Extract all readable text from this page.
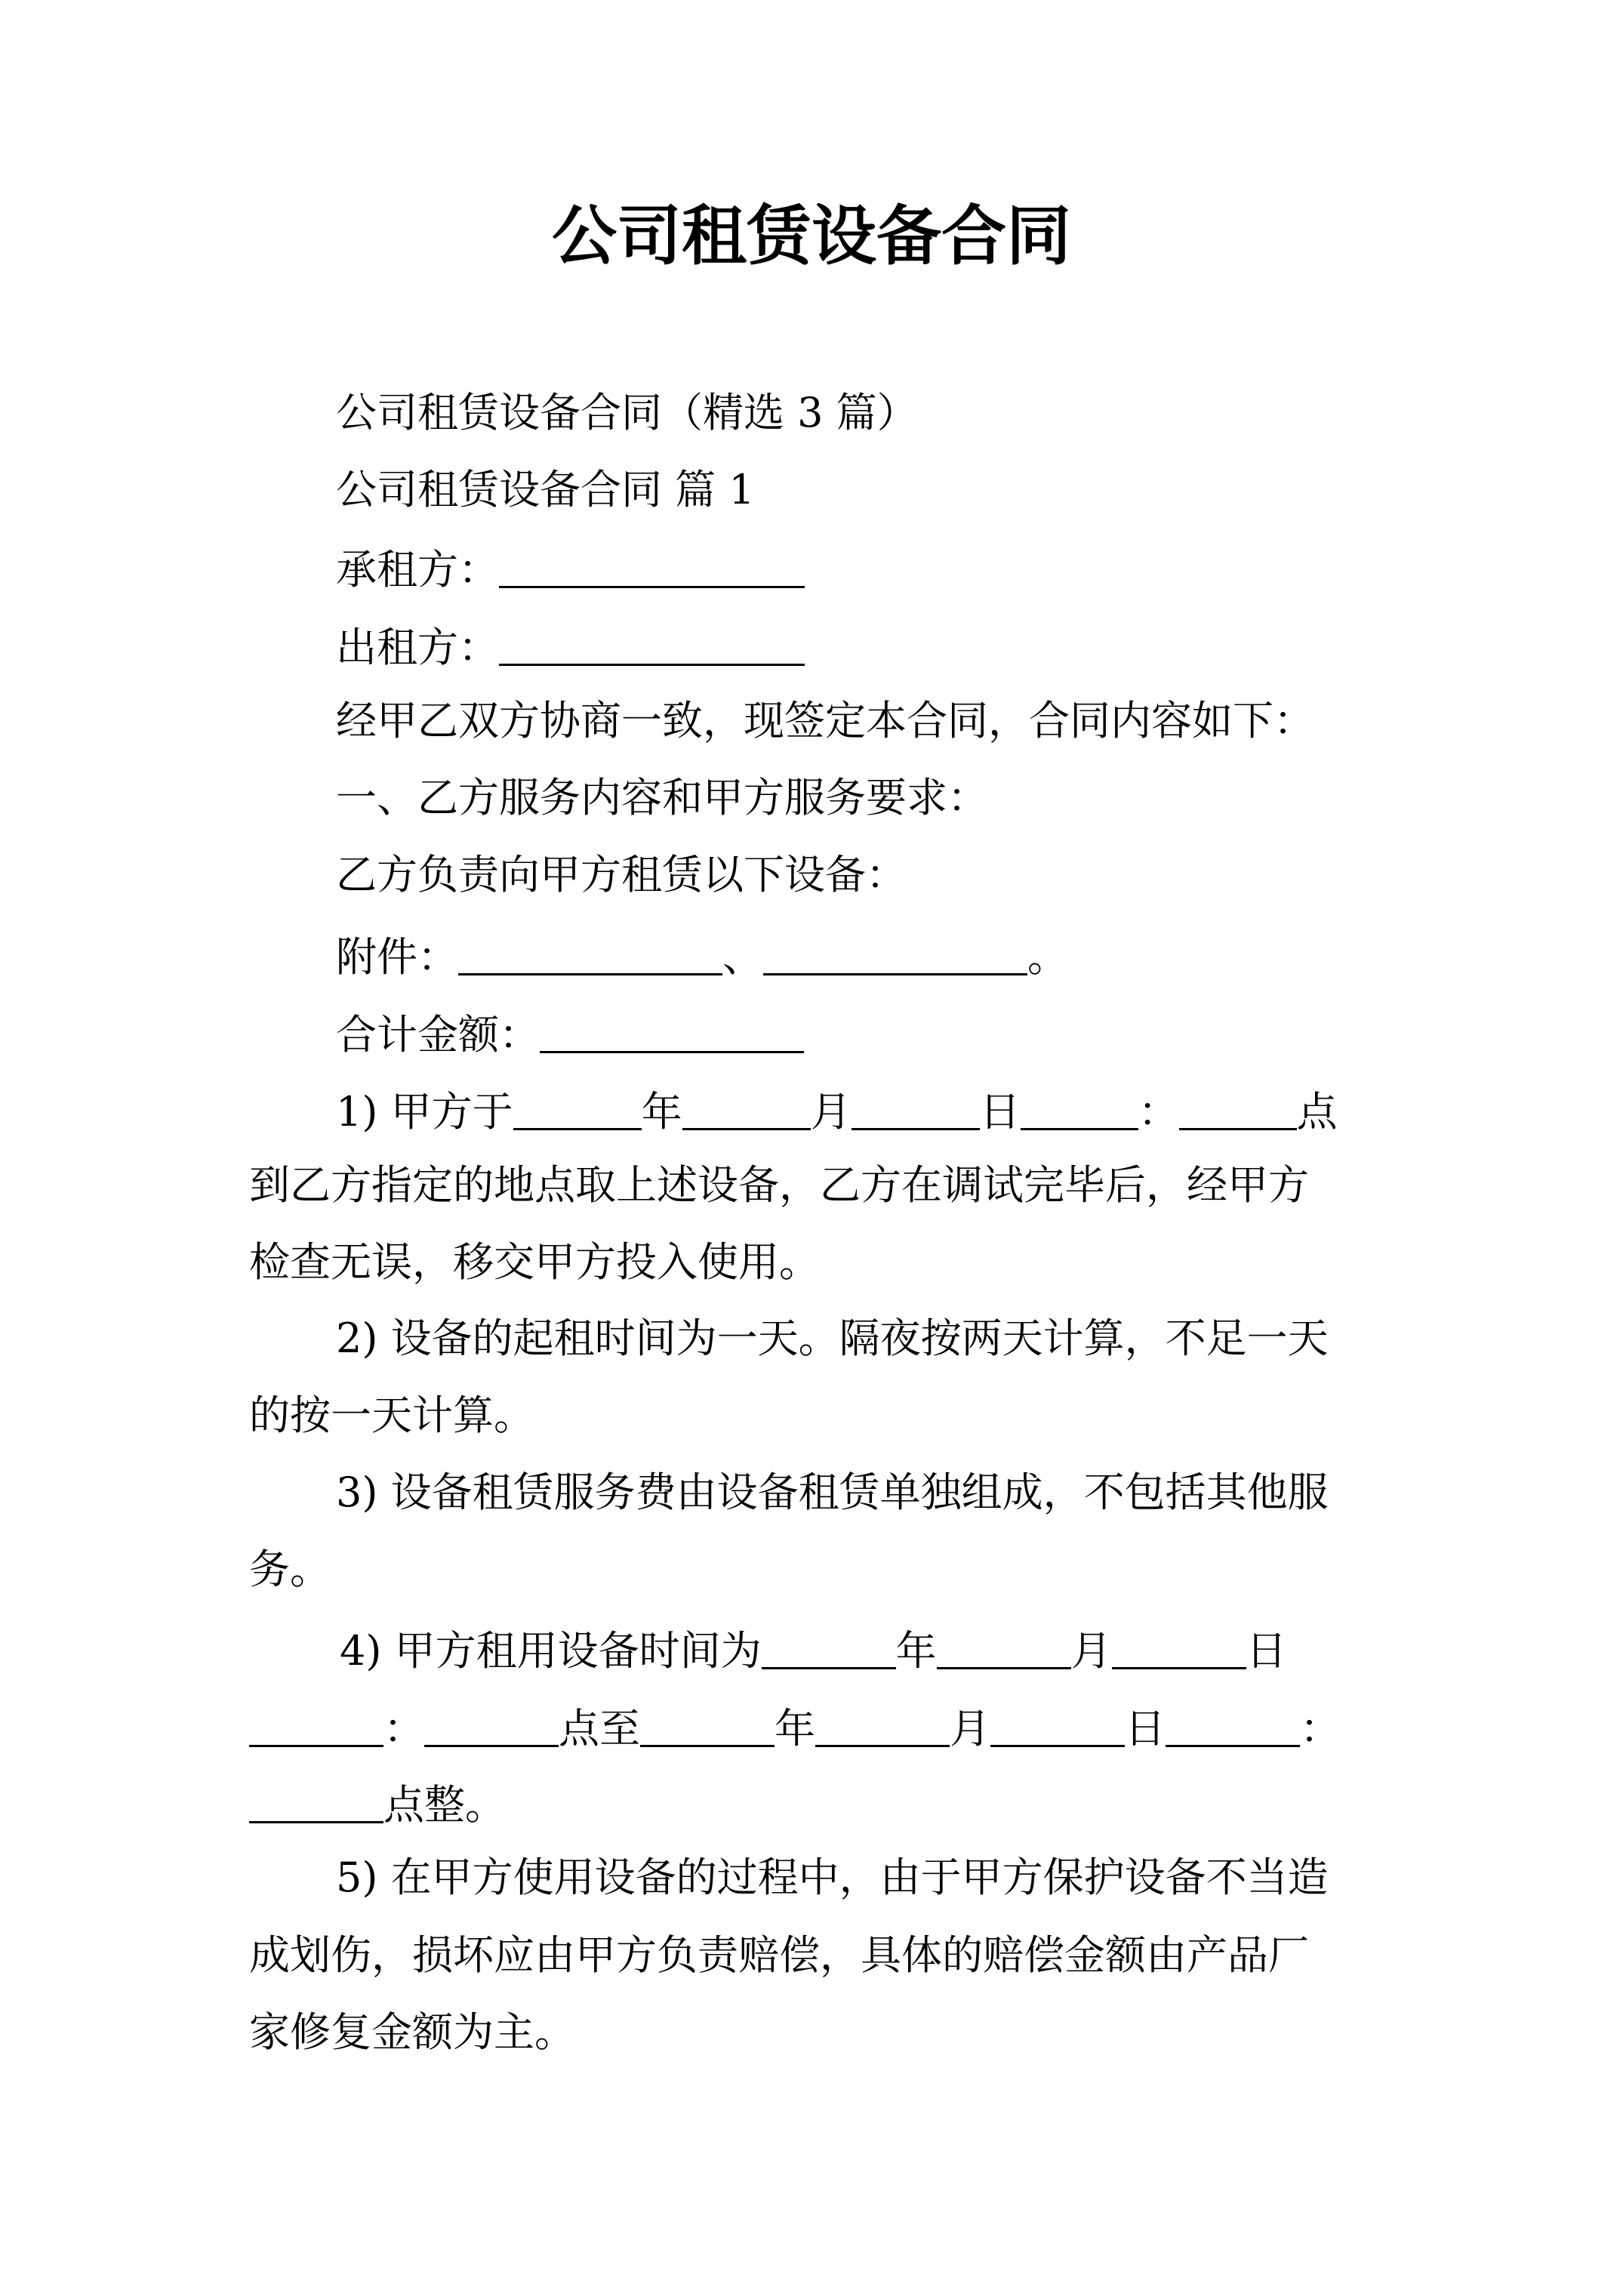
公司租赁设备合同
公司租赁设备合同（精选 3 篇）
公司租赁设备合同 篇 1
承租方：
出租方：
经甲乙双方协商一致，现签定本合同，合同内容如下：
一、乙方服务内容和甲方服务要求：
乙方负责向甲方租赁以下设备：
附件：	、	。
合计金额：
1) 甲方于	年	月	日	：	点
到乙方指定的地点取上述设备，乙方在调试完毕后，经甲方
检查无误，移交甲方投入使用。
2) 设备的起租时间为一天。隔夜按两天计算，不足一天
的按一天计算。
3) 设备租赁服务费由设备租赁单独组成，不包括其他服
务。
4) 甲方租用设备时间为	年	月	日
：	点至	年	月	日	：
点整。
5) 在甲方使用设备的过程中，由于甲方保护设备不当造
成划伤，损坏应由甲方负责赔偿，具体的赔偿金额由产品厂
家修复金额为主。
